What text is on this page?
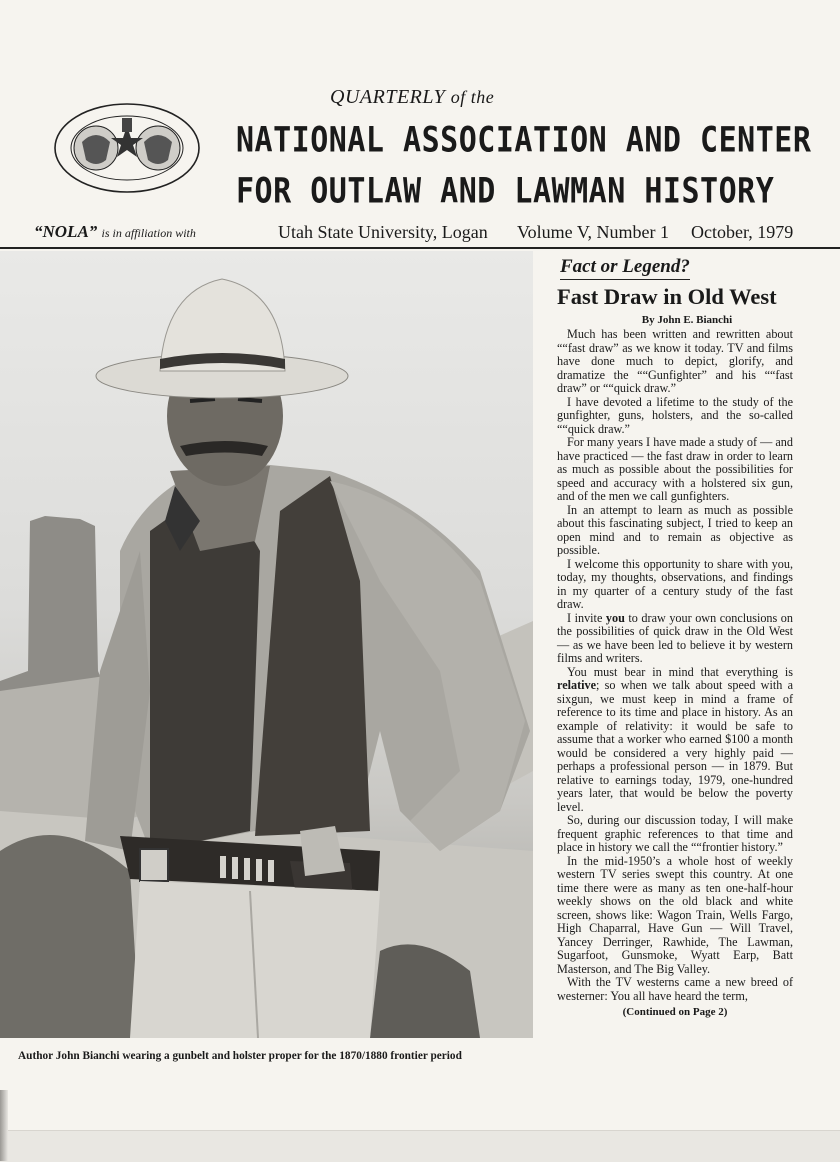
QUARTERLY of the
NATIONAL ASSOCIATION AND CENTER
FOR OUTLAW AND LAWMAN HISTORY
“NOLA” is in affiliation with	Utah State University, Logan Volume V, Number 1 October, 1979
Author John Bianchi wearing a gunbelt and holster proper for the 1870/1880 frontier period
Fact or Legend?
Fast Draw in Old West
By John E. Bianchi

Much has been written and rewritten about ““fast draw” as we know it today. TV and films have done much to depict, glorify, and dramatize the ““Gunfighter” and his ““fast draw” or ““quick draw.”

I have devoted a lifetime to the study of the gunfighter, guns, holsters, and the so-called ““quick draw.”

For many years I have made a study of — and have practiced — the fast draw in order to learn as much as possible about the possibilities for speed and accuracy with a holstered six gun, and of the men we call gunfighters.

In an attempt to learn as much as possible about this fascinating subject, I tried to keep an open mind and to remain as objective as possible.

I welcome this opportunity to share with you, today, my thoughts, observations, and findings in my quarter of a century study of the fast draw.

I invite you to draw your own conclusions on the possibilities of quick draw in the Old West — as we have been led to believe it by western films and writers.

You must bear in mind that everything is relative; so when we talk about speed with a sixgun, we must keep in mind a frame of reference to its time and place in history. As an example of relativity: it would be safe to assume that a worker who earned $100 a month would be considered a very highly paid — perhaps a professional person — in 1879. But relative to earnings today, 1979, one-hundred years later, that would be below the poverty level.

So, during our discussion today, I will make frequent graphic references to that time and place in history we call the ““frontier history.”

In the mid-1950’s a whole host of weekly western TV series swept this country. At one time there were as many as ten one-half-hour weekly shows on the old black and white screen, shows like: Wagon Train, Wells Fargo, High Chaparral, Have Gun — Will Travel, Yancey Derringer, Rawhide, The Lawman, Sugarfoot, Gunsmoke, Wyatt Earp, Batt Masterson, and The Big Valley.

With the TV westerns came a new breed of westerner: You all have heard the term,

(Continued on Page 2)
